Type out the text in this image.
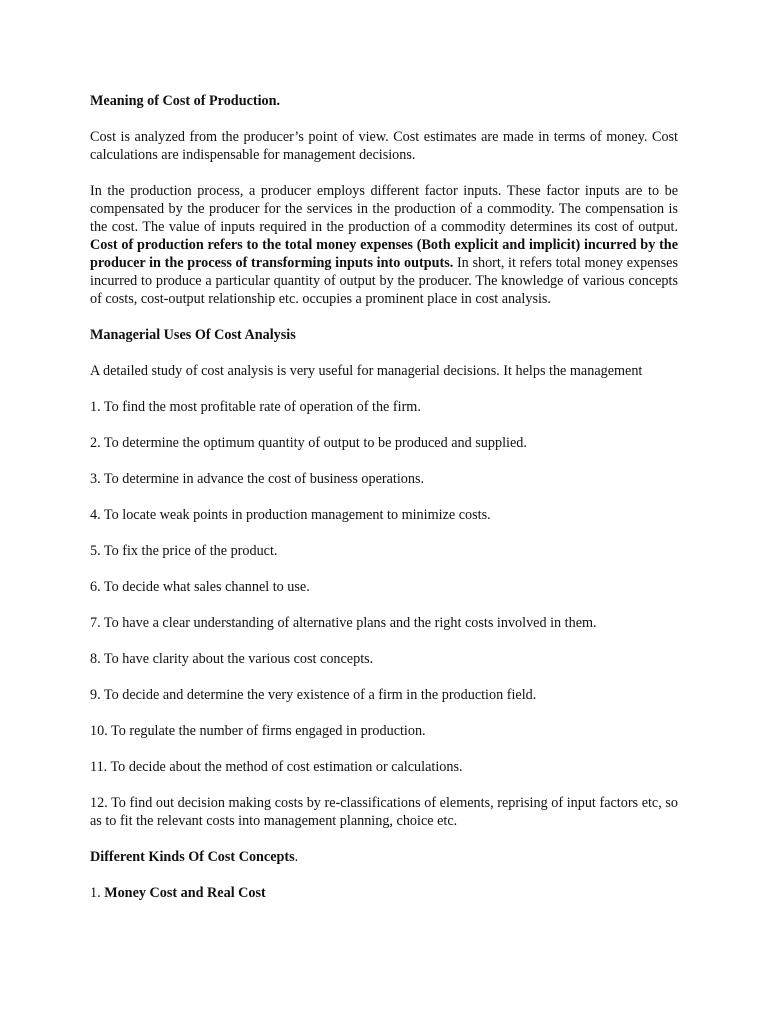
Meaning of Cost of Production.

Cost is analyzed from the producer’s point of view. Cost estimates are made in terms of money. Cost calculations are indispensable for management decisions.

In the production process, a producer employs different factor inputs. These factor inputs are to be compensated by the producer for the services in the production of a commodity. The compensation is the cost. The value of inputs required in the production of a commodity determines its cost of output. Cost of production refers to the total money expenses (Both explicit and implicit) incurred by the producer in the process of transforming inputs into outputs. In short, it refers total money expenses incurred to produce a particular quantity of output by the producer. The knowledge of various concepts of costs, cost-output relationship etc. occupies a prominent place in cost analysis.

Managerial Uses Of Cost Analysis

A detailed study of cost analysis is very useful for managerial decisions. It helps the management

1. To find the most profitable rate of operation of the firm.

2. To determine the optimum quantity of output to be produced and supplied.

3. To determine in advance the cost of business operations.

4. To locate weak points in production management to minimize costs.

5. To fix the price of the product.

6. To decide what sales channel to use.

7. To have a clear understanding of alternative plans and the right costs involved in them.

8. To have clarity about the various cost concepts.

9. To decide and determine the very existence of a firm in the production field.

10. To regulate the number of firms engaged in production.

11. To decide about the method of cost estimation or calculations.

12. To find out decision making costs by re-classifications of elements, reprising of input factors etc, so as to fit the relevant costs into management planning, choice etc.

Different Kinds Of Cost Concepts.

1. Money Cost and Real Cost
